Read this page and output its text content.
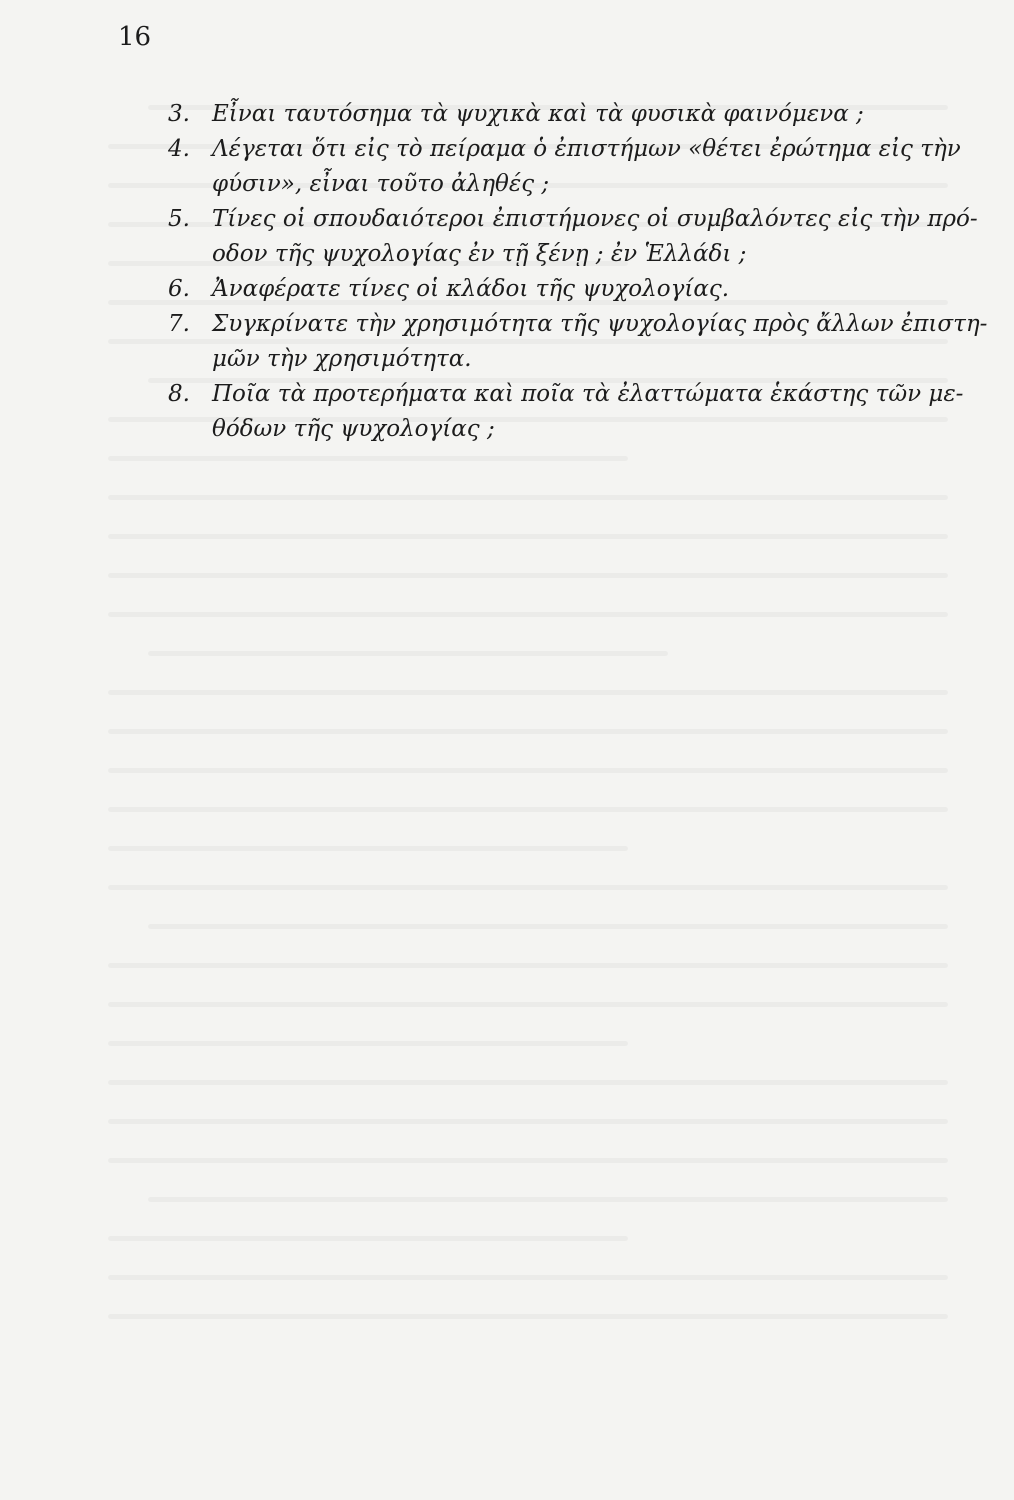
16
3. Εἶναι ταυτόσημα τὰ ψυχικὰ καὶ τὰ φυσικὰ φαινόμενα ;
4. Λέγεται ὅτι εἰς τὸ πείραμα ὁ ἐπιστήμων «θέτει ἐρώτημα εἰς τὴν
φύσιν», εἶναι τοῦτο ἀληθές ;
5. Τίνες οἱ σπουδαιότεροι ἐπιστήμονες οἱ συμβαλόντες εἰς τὴν πρό-
οδον τῆς ψυχολογίας ἐν τῇ ξένῃ ; ἐν Ἑλλάδι ;
6. Ἀναφέρατε τίνες οἱ κλάδοι τῆς ψυχολογίας.
7. Συγκρίνατε τὴν χρησιμότητα τῆς ψυχολογίας πρὸς ἄλλων ἐπιστη-
μῶν τὴν χρησιμότητα.
8. Ποῖα τὰ προτερήματα καὶ ποῖα τὰ ἐλαττώματα ἑκάστης τῶν με-
θόδων τῆς ψυχολογίας ;
